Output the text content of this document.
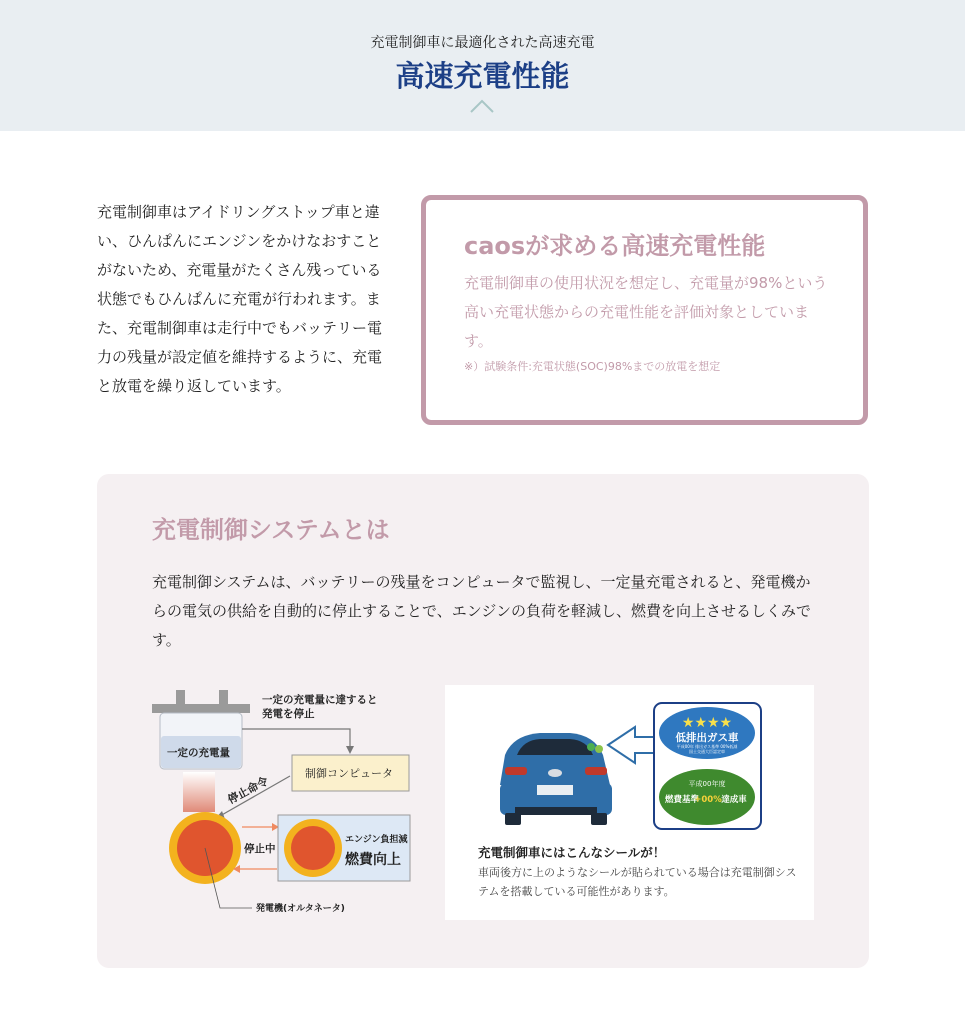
充電制御車に最適化された高速充電
高速充電性能
充電制御車はアイドリングストップ車と違い、ひんぱんにエンジンをかけなおすことがないため、充電量がたくさん残っている状態でもひんぱんに充電が行われます。また、充電制御車は走行中でもバッテリー電力の残量が設定値を維持するように、充電と放電を繰り返しています。
caosが求める高速充電性能
充電制御車の使用状況を想定し、充電量が98%という高い充電状態からの充電性能を評価対象としています。
※）試験条件:充電状態(SOC)98%までの放電を想定
充電制御システムとは
充電制御システムは、バッテリーの残量をコンピュータで監視し、一定量充電されると、発電機からの電気の供給を自動的に停止することで、エンジンの負荷を軽減し、燃費を向上させるしくみです。
一定の充電量
一定の充電量に達すると
発電を停止
制御コンピュータ
停止命令
停止中
エンジン負担減
燃費向上
発電機(オルタネータ)
★★★★
低排出ガス車
平成00年 排出ガス基準 00%低減
国土交通大臣認定車
平成00年度
燃費基準
+00% 達成車
充電制御車にはこんなシールが！
車両後方に上のようなシールが貼られている場合は充電制御システムを搭載している可能性があります。
